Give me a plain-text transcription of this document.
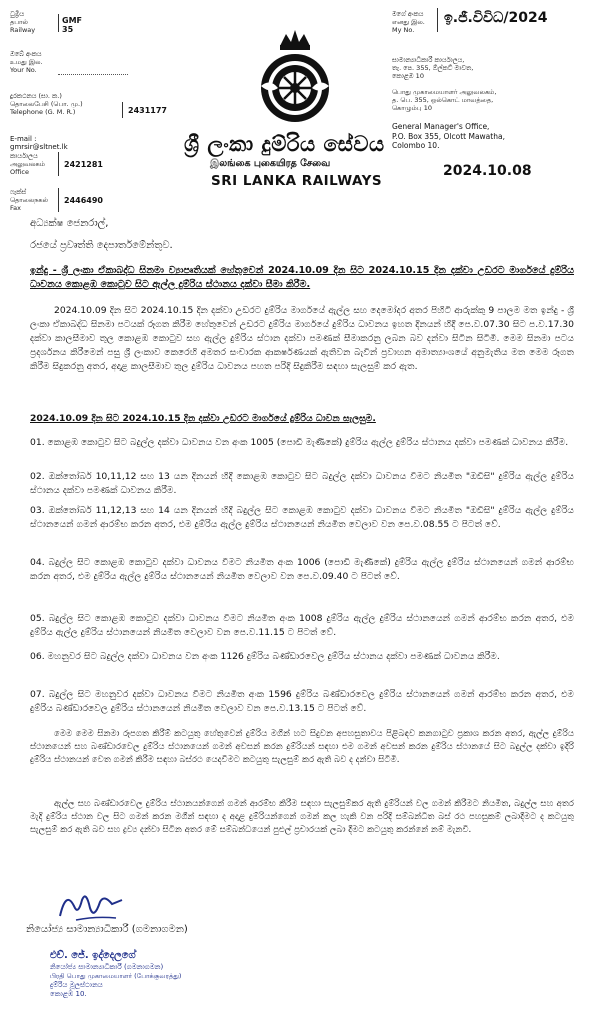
ධුම්‍රිය
தபால்
Railway
GMF 35
ඔබේ අංකය
உமது இல.
Your No.
දුරකථනය (සා. ක.)
தொலைபேசி (பொ. மு.)
Telephone (G. M. R.)	2431177
E-mail : gmrsir@sltnet.lk
කාර්යාලය
அலுவலகம்
Office
2421281
ෆැක්ස්
தொலைநகல்
Fax
2446490
ශ්‍රී ලංකා දුම්රිය සේවය
இலங்கை புகையிரத சேவை
SRI LANKA RAILWAYS
මගේ අංකය
எனது இல.
My No.
ඉ.ජී.විවිධ/2024
සාමාන්‍යාධිකාරී කාර්යාලය,
තැ. පෙ. 355, ඕල්කට් මාවත,
කොළඹ 10
பொது முகாமையாளர் அலுவலகம்,
த. பெ. 355, ஒல்கொட் மாவத்தை,
கொழும்பு 10
General Manager's Office,
P.O. Box 355, Olcott Mawatha,
Colombo 10.
2024.10.08
අධ්‍යක්ෂ ජෙනරාල්,
රජයේ ප්‍රවෘත්ති දෙපාර්තමේන්තුව.
ඉන්දු - ශ්‍රී ලංකා ඒකාබද්ධ සිනමා ව්‍යාපෘතියක් හේතුවෙන් 2024.10.09 දින සිට 2024.10.15 දින දක්වා උඩරට මාර්ගයේ දුම්රිය ධාවනය කොළඹ කොටුව සිට ඇල්ල දුම්රිය ස්ථානය දක්වා සීමා කිරීම.
2024.10.09 දින සිට 2024.10.15 දින දක්වා උඩරට දුම්රිය මාර්ගයේ ඇල්ල සහ දෙමෝදර අතර පිහිටි ආරුක්කු 9 පාලම මත ඉන්දු - ශ්‍රී ලංකා ඒකාබද්ධ සිනමා පටයක් රූගත කිරීම හේතුවෙන් උඩරට දුම්රිය මාර්ගයේ දුම්රිය ධාවනය ඉහත දිනයන් හිදී පෙ.ව.07.30 සිට ප.ව.17.30 දක්වා කාලසීමාව තුල කොළඹ කොටුව සහ ඇල්ල දුම්රිය ස්ථාන දක්වා පමණක් සීමාකරනු ලබන බව දන්වා සිටින සිටිමි. මෙම සිනමා පටය ප්‍රදර්ශනය කිරීමෙන් පසු ශ්‍රී ලංකාව කෙරෙහි අමතර සංචාරක ආකර්ෂණයක් ඇතිවන බැවින් ප්‍රවාහන අමාත්‍යාංශයේ අනුමැතිය මත මෙම රූගත කිරීම සිදුකරනු අතර, අදාළ කාලසීමාව තුල දුම්රිය ධාවනය පහත පරිදි සිදුකිරීම සඳහා සැලසුම් කර ඇත.
2024.10.09 දින සිට 2024.10.15 දින දක්වා උඩරට මාර්ගයේ දුම්රිය ධාවන සැලසුම.
01. කොළඹ කොටුව සිට බදුල්ල දක්වා ධාවනය වන අංක 1005 (පොඩි මැණිකේ) දුම්රිය ඇල්ල දුම්රිය ස්ථානය දක්වා පමණක් ධාවනය කිරීම.
02. ඔක්තෝබර් 10,11,12 සහ 13 යන දිනයන් හිදී කොළඹ කොටුව සිට බදුල්ල දක්වා ධාවනය වීමට නියමිත "ඔඩිසි" දුම්රිය ඇල්ල දුම්රිය ස්ථානය දක්වා පමණක් ධාවනය කිරීම.
03. ඔක්තෝබර් 11,12,13 සහ 14 යන දිනයන් හිදී බදුල්ල සිට කොළඹ කොටුව දක්වා ධාවනය වීමට නියමිත "ඔඩිසි" දුම්රිය ඇල්ල දුම්රිය ස්ථානයෙන් ගමන් ආරම්භ කරන අතර, එම දුම්රිය ඇල්ල දුම්රිය ස්ථානයෙන් නියමිත වෙලාව වන පෙ.ව.08.55 ට පිටත් වේ.
04. බදුල්ල සිට කොළඹ කොටුව දක්වා ධාවනය වීමට නියමිත අංක 1006 (පොඩි මැණිකේ) දුම්රිය ඇල්ල දුම්රිය ස්ථානයෙන් ගමන් ආරම්භ කරන අතර, එම දුම්රිය ඇල්ල දුම්රිය ස්ථානයෙන් නියමිත වෙලාව වන පෙ.ව.09.40 ට පිටත් වේ.
05. බදුල්ල සිට කොළඹ කොටුව දක්වා ධාවනය වීමට නියමිත අංක 1008 දුම්රිය ඇල්ල දුම්රිය ස්ථානයෙන් ගමන් ආරම්භ කරන අතර, එම දුම්රිය ඇල්ල දුම්රිය ස්ථානයෙන් නියමිත වෙලාව වන පෙ.ව.11.15 ට පිටත් වේ.
06. මහනුවර සිට බදුල්ල දක්වා ධාවනය වන අංක 1126 දුම්රිය බණ්ඩාරවෙල දුම්රිය ස්ථානය දක්වා පමණක් ධාවනය කිරීම.
07. බදුල්ල සිට මහනුවර දක්වා ධාවනය වීමට නියමිත අංක 1596 දුම්රිය බණ්ඩාරවෙල දුම්රිය ස්ථානයෙන් ගමන් ආරම්භ කරන අතර, එම දුම්රිය බණ්ඩාරවෙල දුම්රිය ස්ථානයෙන් නියමිත වෙලාව වන පෙ.ව.13.15 ට පිටත් වේ.
මෙම මෙම සිනමා රූපගත කිරීම් කටයුතු හේතුවෙන් දුම්රිය මගීන් හට සිදුවන අපහසුතාවය පිළිබඳව කනගාටුව ප්‍රකාශ කරන අතර, ඇල්ල දුම්රිය ස්ථානයෙන් සහ බණ්ඩාරවෙල දුම්රිය ස්ථානයෙන් ගමන් අවසන් කරන දුම්රියන් සඳහා එම ගමන් අවසන් කරන දුම්රිය ස්ථානයේ සිට බදුල්ල දක්වා ඉදිරි දුම්රිය ස්ථානයන් වෙත ගමන් කිරීම සඳහා බස්රථ යෙදවීමට කටයුතු සැලසුම් කර ඇති බව ද දන්වා සිටිමි.
ඇල්ල සහ බණ්ඩාරවෙල දුම්රිය ස්ථානයන්ගෙන් ගමන් ආරම්භ කිරීම සඳහා සැලසුම්කර ඇති දුම්රියන් වල ගමන් කිරීමට නියමිත, බදුල්ල සහ අතර මැදි දුම්රිය ස්ථාන වල සිට ගමන් කරන මගීන් සඳහා ද අදාළ දුම්රියන්ගෙන් ගමන් කල හැකි වන පරිදි සම්බන්ධිත බස් රථ පහසුකම් ලබාදීමට ද කටයුතු සැලසුම් කර ඇති බව සහ ද්‍රව්‍ය දන්වා සිටින අතර මේ සම්බන්ධයෙන් පුළුල් ප්‍රචාරයක් ලබා දීමට කටයුතු කරන්නේ නම් මැනවි.
නියෝජ්‍ය සාමාන්‍යාධිකාරී (ගමනාගමන)
එච්. ජේ. ඉද්දෙලගේ
නියෝජ්‍ය සාමාන්‍යාධිකාරී (ගමනාගමන)
பிரதி பொது முகாமையாளர் (போக்குவரத்து)
දුම්රිය මූලස්ථානය
කොළඹ 10.
